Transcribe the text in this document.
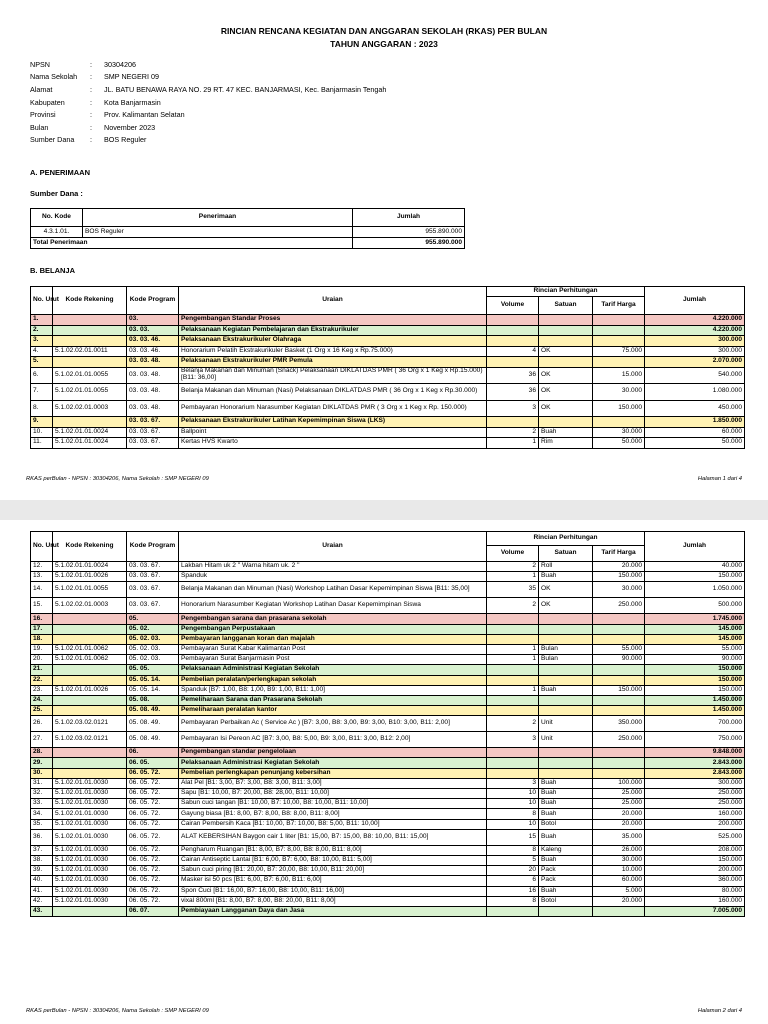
RINCIAN RENCANA KEGIATAN DAN ANGGARAN SEKOLAH (RKAS) PER BULAN
TAHUN ANGGARAN : 2023
NPSN	:	30304206
Nama Sekolah	:	SMP NEGERI 09
Alamat	:	JL. BATU BENAWA RAYA NO. 29 RT. 47 KEC. BANJARMASI, Kec. Banjarmasin Tengah
Kabupaten	:	Kota Banjarmasin
Provinsi	:	Prov. Kalimantan Selatan
Bulan	:	November 2023
Sumber Dana	:	BOS Reguler
A. PENERIMAAN
Sumber Dana :
No. Kode	Penerimaan	Jumlah
4.3.1.01.	BOS Reguler	955.890.000
Total Penerimaan		955.890.000
B. BELANJA
No. Urut	Kode Rekening	Kode Program	Uraian	Rincian Perhitungan			Jumlah
				Volume	Satuan	Tarif Harga	
1.		03.	Pengembangan Standar Proses				4.220.000
2.		03. 03.	Pelaksanaan Kegiatan Pembelajaran dan Ekstrakurikuler				4.220.000
3.		03. 03. 46.	Pelaksanaan Ekstrakurikuler Olahraga				300.000
4.	5.1.02.02.01.0011	03. 03. 46.	Honorarium Pelatih Ekstrakurikuler Basket (1 Org x 16 Keg x Rp.75.000)	4	OK	75.000	300.000
5.		03. 03. 48.	Pelaksanaan Ekstrakurikuler PMR Pemula				2.070.000
6.	5.1.02.01.01.0055	03. 03. 48.	Belanja Makanan dan Minuman (Snack) Pelaksanaan DIKLATDAS PMR ( 36 Org x 1 Keg x Rp.15.000) [B11: 36,00]	36	OK	15.000	540.000
7.	5.1.02.01.01.0055	03. 03. 48.	Belanja Makanan dan Minuman (Nasi) Pelaksanaan DIKLATDAS PMR ( 36 Org x 1 Keg x Rp.30.000)	36	OK	30.000	1.080.000
8.	5.1.02.02.01.0003	03. 03. 48.	Pembayaran Honorarium Narasumber Kegiatan DIKLATDAS PMR ( 3 Org x 1 Keg x Rp. 150.000)	3	OK	150.000	450.000
9.		03. 03. 67.	Pelaksanaan Ekstrakurikuler Latihan Kepemimpinan Siswa (LKS)				1.850.000
10.	5.1.02.01.01.0024	03. 03. 67.	Ballpoint	2	Buah	30.000	60.000
11.	5.1.02.01.01.0024	03. 03. 67.	Kertas HVS Kwarto	1	Rim	50.000	50.000
RKAS perBulan - NPSN : 30304206, Nama Sekolah : SMP NEGERI 09	Halaman 1 dari 4
No. Urut	Kode Rekening	Kode Program	Uraian	Rincian Perhitungan			Jumlah
				Volume	Satuan	Tarif Harga	
12.	5.1.02.01.01.0024	03. 03. 67.	Lakban Hitam uk 2 " Warna hitam uk. 2 "	2	Roll	20.000	40.000
13.	5.1.02.01.01.0026	03. 03. 67.	Spanduk	1	Buah	150.000	150.000
14.	5.1.02.01.01.0055	03. 03. 67.	Belanja Makanan dan Minuman (Nasi) Workshop Latihan Dasar Kepemimpinan Siswa [B11: 35,00]	35	OK	30.000	1.050.000
15.	5.1.02.02.01.0003	03. 03. 67.	Honorarium Narasumber Kegiatan Workshop Latihan Dasar Kepemimpinan Siswa	2	OK	250.000	500.000
16.		05.	Pengembangan sarana dan prasarana sekolah				1.745.000
17.		05. 02.	Pengembangan Perpustakaan				145.000
18.		05. 02. 03.	Pembayaran langganan koran dan majalah				145.000
19.	5.1.02.01.01.0062	05. 02. 03.	Pembayaran Surat Kabar Kalimantan Post	1	Bulan	55.000	55.000
20.	5.1.02.01.01.0062	05. 02. 03.	Pembayaran Surat Banjarmasin Post	1	Bulan	90.000	90.000
21.		05. 05.	Pelaksanaan Administrasi Kegiatan Sekolah				150.000
22.		05. 05. 14.	Pembelian peralatan/perlengkapan sekolah				150.000
23.	5.1.02.01.01.0026	05. 05. 14.	Spanduk [B7: 1,00, B8: 1,00, B9: 1,00, B11: 1,00]	1	Buah	150.000	150.000
24.		05. 08.	Pemeliharaan Sarana dan Prasarana Sekolah				1.450.000
25.		05. 08. 49.	Pemeliharaan peralatan kantor				1.450.000
26.	5.1.02.03.02.0121	05. 08. 49.	Pembayaran Perbaikan Ac ( Service Ac ) [B7: 3,00, B8: 3,00, B9: 3,00, B10: 3,00, B11: 2,00]	2	Unit	350.000	700.000
27.	5.1.02.03.02.0121	05. 08. 49.	Pembayaran Isi Pereon AC [B7: 3,00, B8: 5,00, B9: 3,00, B11: 3,00, B12: 2,00]	3	Unit	250.000	750.000
28.		06.	Pengembangan standar pengelolaan				9.848.000
29.		06. 05.	Pelaksanaan Administrasi Kegiatan Sekolah				2.843.000
30.		06. 05. 72.	Pembelian perlengkapan penunjang kebersihan				2.843.000
31.	5.1.02.01.01.0030	06. 05. 72.	Alat Pel [B1: 3,00, B7: 3,00, B8: 3,00, B11: 3,00]	3	Buah	100.000	300.000
32.	5.1.02.01.01.0030	06. 05. 72.	Sapu [B1: 10,00, B7: 20,00, B8: 28,00, B11: 10,00]	10	Buah	25.000	250.000
33.	5.1.02.01.01.0030	06. 05. 72.	Sabun cuci tangan [B1: 10,00, B7: 10,00, B8: 10,00, B11: 10,00]	10	Buah	25.000	250.000
34.	5.1.02.01.01.0030	06. 05. 72.	Gayung biasa [B1: 8,00, B7: 8,00, B8: 8,00, B11: 8,00]	8	Buah	20.000	160.000
35.	5.1.02.01.01.0030	06. 05. 72.	Cairan Pembersih Kaca [B1: 10,00, B7: 10,00, B8: 5,00, B11: 10,00]	10	Botol	20.000	200.000
36.	5.1.02.01.01.0030	06. 05. 72.	ALAT KEBERSIHAN Baygon cair 1 liter [B1: 15,00, B7: 15,00, B8: 10,00, B11: 15,00]	15	Buah	35.000	525.000
37.	5.1.02.01.01.0030	06. 05. 72.	Pengharum Ruangan [B1: 8,00, B7: 8,00, B8: 8,00, B11: 8,00]	8	Kaleng	26.000	208.000
38.	5.1.02.01.01.0030	06. 05. 72.	Cairan Antiseptic Lantai [B1: 6,00, B7: 6,00, B8: 10,00, B11: 5,00]	5	Buah	30.000	150.000
39.	5.1.02.01.01.0030	06. 05. 72.	Sabun cuci piring [B1: 20,00, B7: 20,00, B8: 10,00, B11: 20,00]	20	Pack	10.000	200.000
40.	5.1.02.01.01.0030	06. 05. 72.	Masker isi 50 pcs [B1: 6,00, B7: 6,00, B11: 6,00]	6	Pack	60.000	360.000
41.	5.1.02.01.01.0030	06. 05. 72.	Spon Cuci [B1: 16,00, B7: 16,00, B8: 10,00, B11: 16,00]	16	Buah	5.000	80.000
42.	5.1.02.01.01.0030	06. 05. 72.	vixal 800ml [B1: 8,00, B7: 8,00, B8: 20,00, B11: 8,00]	8	Botol	20.000	160.000
43.		06. 07.	Pembiayaan Langganan Daya dan Jasa				7.005.000
RKAS perBulan - NPSN : 30304206, Nama Sekolah : SMP NEGERI 09	Halaman 2 dari 4
